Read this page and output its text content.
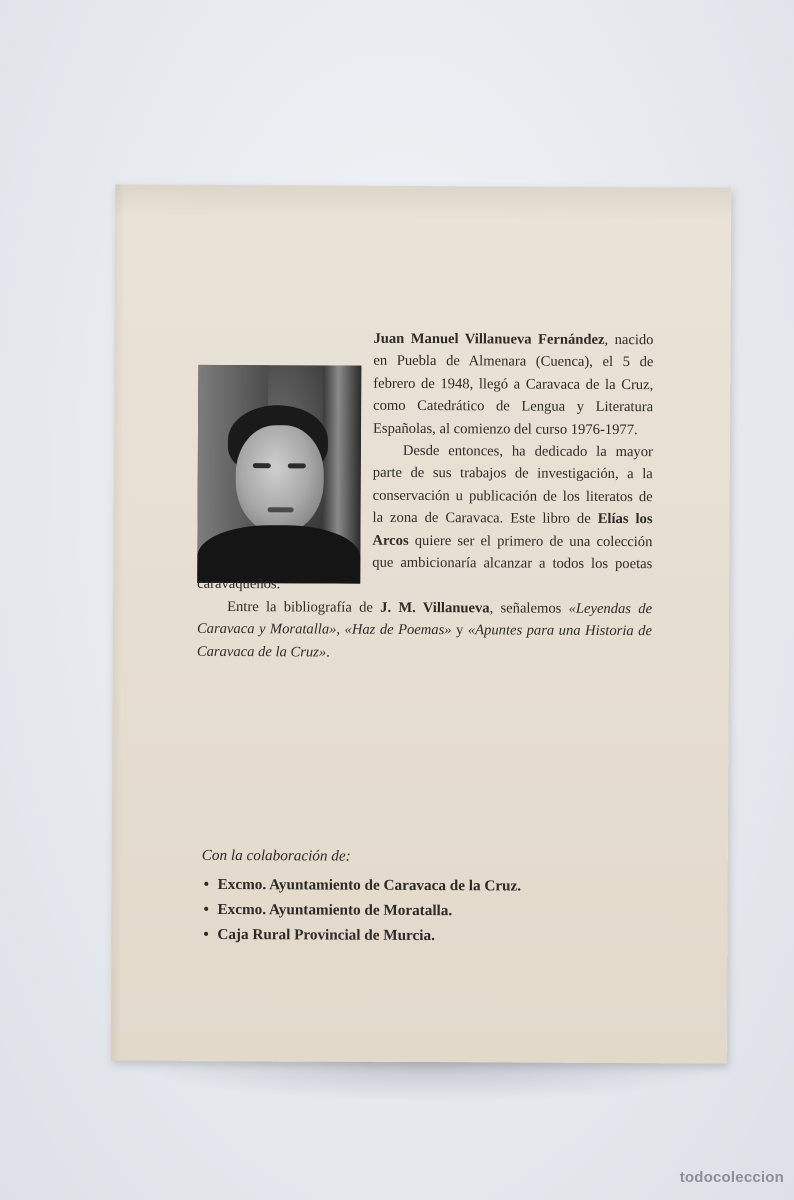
Juan Manuel Villanueva Fernández, nacido en Puebla de Almenara (Cuenca), el 5 de febrero de 1948, llegó a Caravaca de la Cruz, como Catedrático de Lengua y Literatura Españolas, al comienzo del curso 1976-1977.

Desde entonces, ha dedicado la mayor parte de sus trabajos de investigación, a la conservación u publicación de los literatos de la zona de Caravaca. Este libro de Elías los Arcos quiere ser el primero de una colección que ambicionaría alcanzar a todos los poetas caravaqueños.

Entre la bibliografía de J. M. Villanueva, señalemos «Leyendas de Caravaca y Moratalla», «Haz de Poemas» y «Apuntes para una Historia de Caravaca de la Cruz».

Con la colaboración de:

• Excmo. Ayuntamiento de Caravaca de la Cruz.
• Excmo. Ayuntamiento de Moratalla.
• Caja Rural Provincial de Murcia.
todocoleccion
